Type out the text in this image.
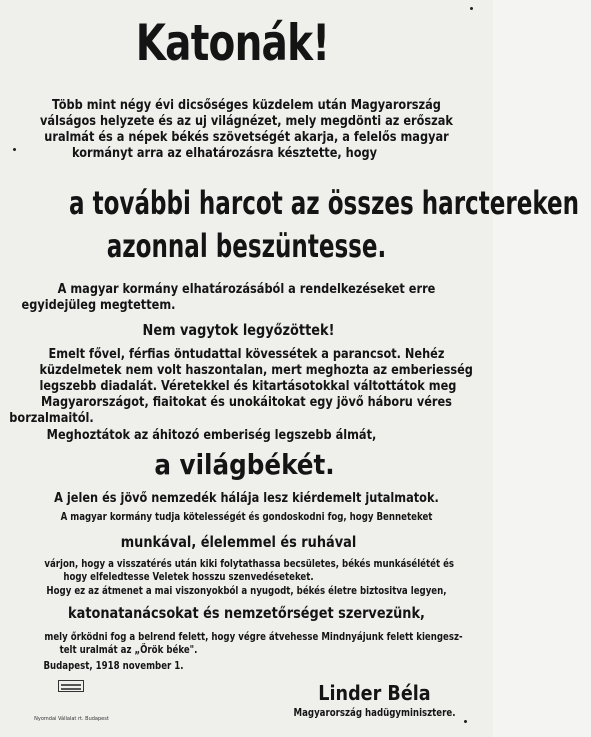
Katonák!
Több mint négy évi dicsőséges küzdelem után Magyarország
válságos helyzete és az uj világnézet, mely megdönti az erőszak
uralmát és a népek békés szövetségét akarja, a felelős magyar
kormányt arra az elhatározásra késztette, hogy
a további harcot az összes harctereken
azonnal beszüntesse.
A magyar kormány elhatározásából a rendelkezéseket erre
egyidejüleg megtettem.
Nem vagytok legyőzöttek!
Emelt fővel, férfias öntudattal kövessétek a parancsot. Nehéz
küzdelmetek nem volt haszontalan, mert meghozta az emberiesség
legszebb diadalát. Véretekkel és kitartásotokkal váltottátok meg
Magyarországot, fiaitokat és unokáitokat egy jövő háboru véres
borzalmaitól.
Meghoztátok az áhitozó emberiség legszebb álmát,
a világbékét.
A jelen és jövő nemzedék hálája lesz kiérdemelt jutalmatok.
A magyar kormány tudja kötelességét és gondoskodni fog, hogy Benneteket
munkával, élelemmel és ruhával
várjon, hogy a visszatérés után kiki folytathassa becsületes, békés munkásélétét és
hogy elfeledtesse Veletek hosszu szenvedéseteket.
Hogy ez az átmenet a mai viszonyokból a nyugodt, békés életre biztositva legyen,
katonatanácsokat és nemzetőrséget szervezünk,
mely őrködni fog a belrend felett, hogy végre átvehesse Mindnyájunk felett kiengesz-
telt uralmát az „Örök béke".
Budapest, 1918 november 1.
Linder Béla
Magyarország hadügyminisztere.
Nyomdai Vállalat rt. Budapest
